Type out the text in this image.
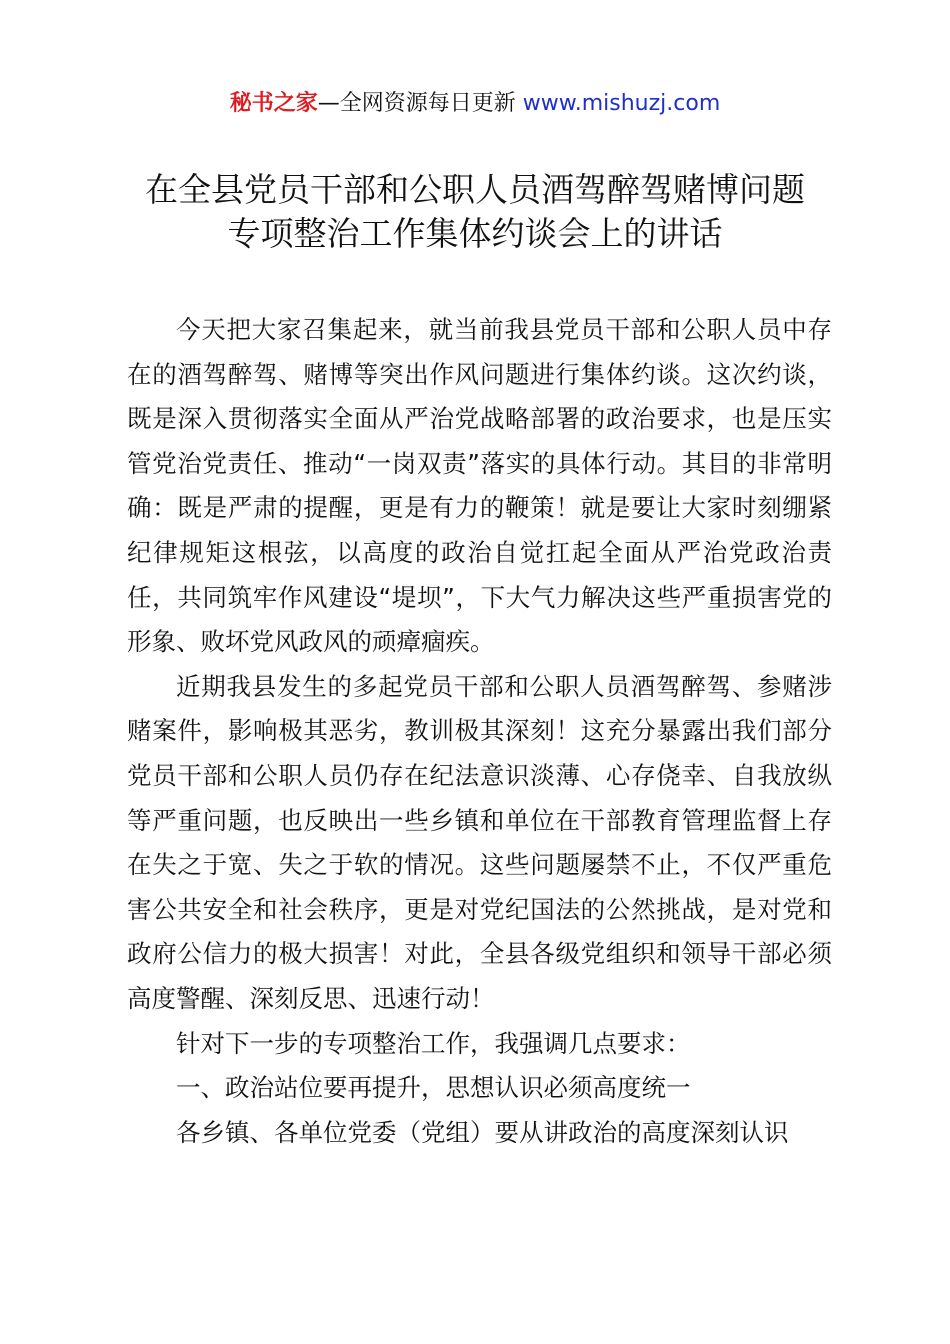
秘书之家—全网资源每日更新 www.mishuzj.com
在全县党员干部和公职人员酒驾醉驾赌博问题
专项整治工作集体约谈会上的讲话

今天把大家召集起来，就当前我县党员干部和公职人员中存在的酒驾醉驾、赌博等突出作风问题进行集体约谈。这次约谈，既是深入贯彻落实全面从严治党战略部署的政治要求，也是压实管党治党责任、推动“一岗双责”落实的具体行动。其目的非常明确：既是严肃的提醒，更是有力的鞭策！就是要让大家时刻绷紧纪律规矩这根弦，以高度的政治自觉扛起全面从严治党政治责任，共同筑牢作风建设“堤坝”，下大气力解决这些严重损害党的形象、败坏党风政风的顽瘴痼疾。

近期我县发生的多起党员干部和公职人员酒驾醉驾、参赌涉赌案件，影响极其恶劣，教训极其深刻！这充分暴露出我们部分党员干部和公职人员仍存在纪法意识淡薄、心存侥幸、自我放纵等严重问题，也反映出一些乡镇和单位在干部教育管理监督上存在失之于宽、失之于软的情况。这些问题屡禁不止，不仅严重危害公共安全和社会秩序，更是对党纪国法的公然挑战，是对党和政府公信力的极大损害！对此，全县各级党组织和领导干部必须高度警醒、深刻反思、迅速行动！

针对下一步的专项整治工作，我强调几点要求：

一、政治站位要再提升，思想认识必须高度统一

各乡镇、各单位党委（党组）要从讲政治的高度深刻认识
